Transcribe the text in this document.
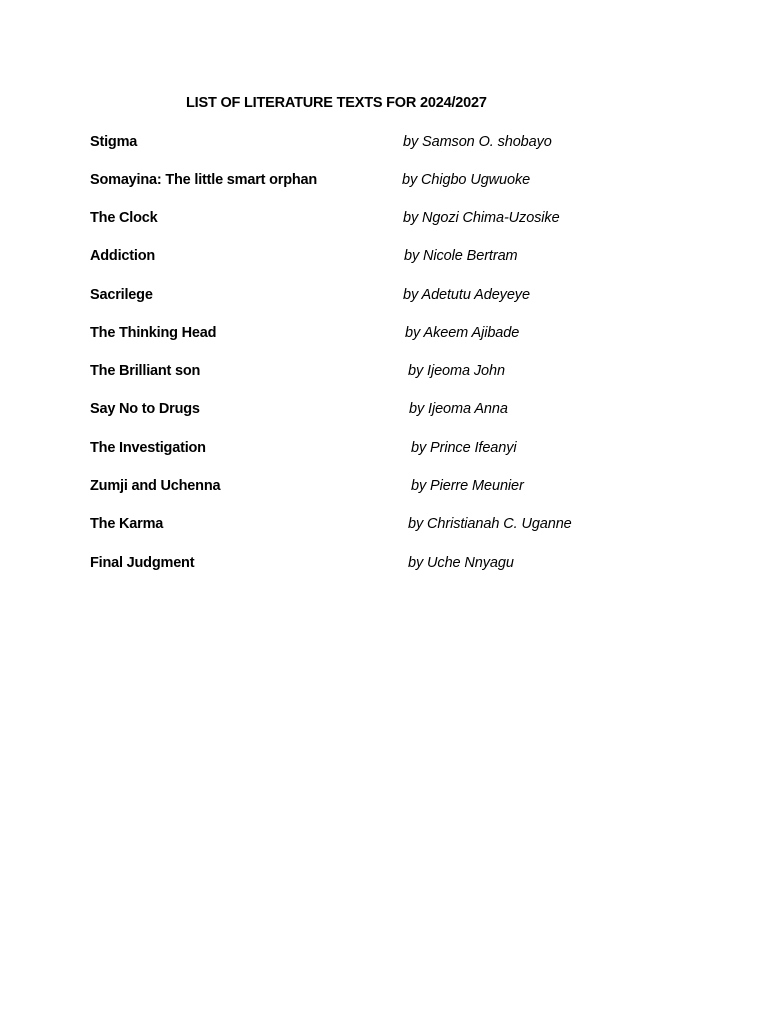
LIST OF LITERATURE TEXTS FOR 2024/2027
Stigma	by Samson O. shobayo
Somayina: The little smart orphan	by Chigbo Ugwuoke
The Clock	by Ngozi Chima-Uzosike
Addiction	by Nicole Bertram
Sacrilege	by Adetutu Adeyeye
The Thinking Head	by Akeem Ajibade
The Brilliant son	by Ijeoma John
Say No to Drugs	by Ijeoma Anna
The Investigation	by Prince Ifeanyi
Zumji and Uchenna	by Pierre Meunier
The Karma	by Christianah C. Uganne
Final Judgment	by Uche Nnyagu
